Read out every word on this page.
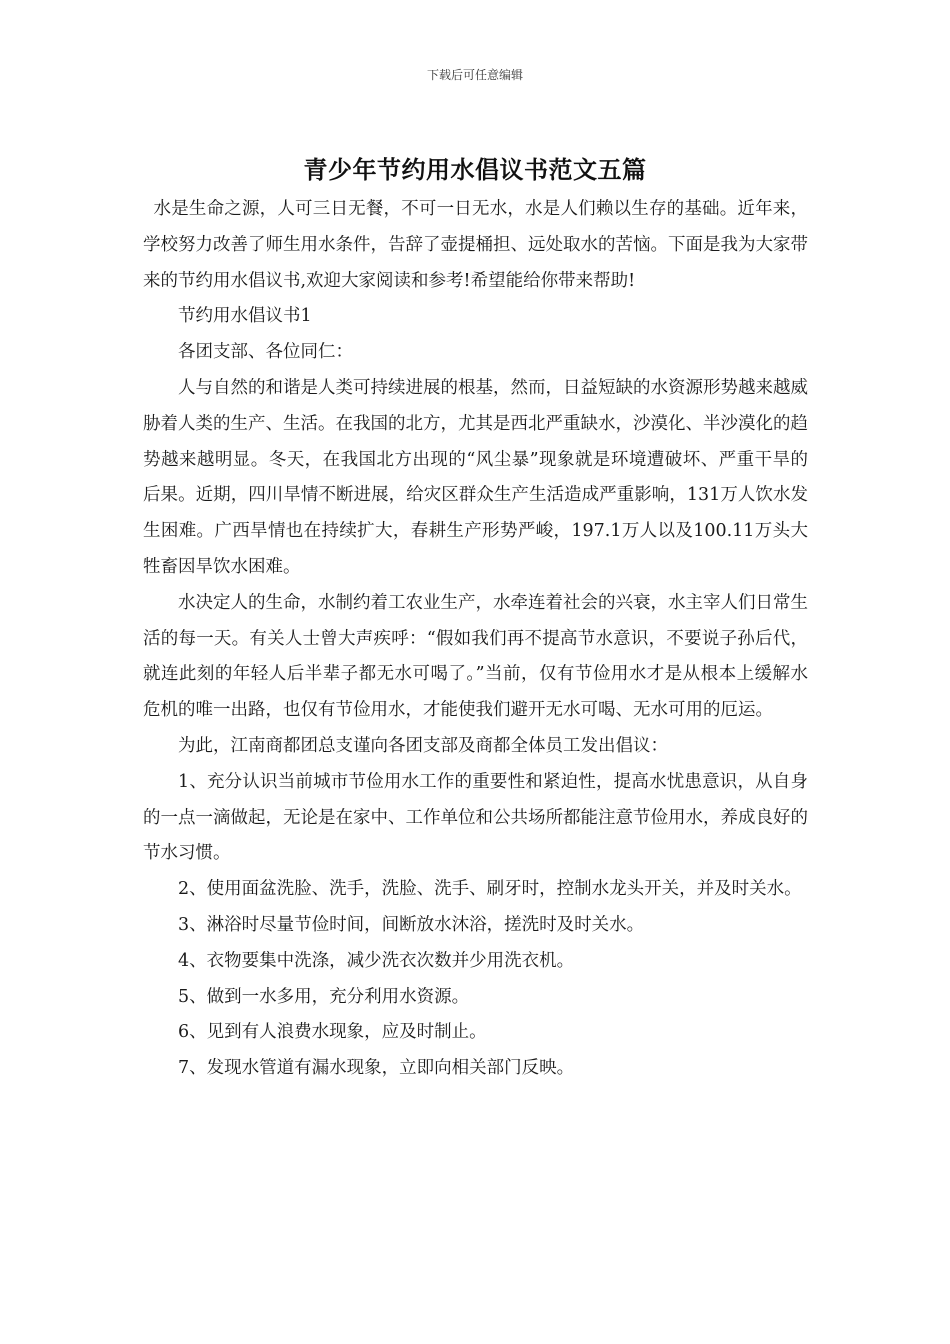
下载后可任意编辑
青少年节约用水倡议书范文五篇

水是生命之源，人可三日无餐，不可一日无水，水是人们赖以生存的基础。近年来，学校努力改善了师生用水条件，告辞了壶提桶担、远处取水的苦恼。下面是我为大家带来的节约用水倡议书,欢迎大家阅读和参考!希望能给你带来帮助!

节约用水倡议书1

各团支部、各位同仁：

人与自然的和谐是人类可持续进展的根基，然而，日益短缺的水资源形势越来越威胁着人类的生产、生活。在我国的北方，尤其是西北严重缺水，沙漠化、半沙漠化的趋势越来越明显。冬天，在我国北方出现的“风尘暴”现象就是环境遭破坏、严重干旱的后果。近期，四川旱情不断进展，给灾区群众生产生活造成严重影响，131万人饮水发生困难。广西旱情也在持续扩大，春耕生产形势严峻，197.1万人以及100.11万头大牲畜因旱饮水困难。

水决定人的生命，水制约着工农业生产，水牵连着社会的兴衰，水主宰人们日常生活的每一天。有关人士曾大声疾呼：“假如我们再不提高节水意识，不要说子孙后代，就连此刻的年轻人后半辈子都无水可喝了。”当前，仅有节俭用水才是从根本上缓解水危机的唯一出路，也仅有节俭用水，才能使我们避开无水可喝、无水可用的厄运。

为此，江南商都团总支谨向各团支部及商都全体员工发出倡议：

1、充分认识当前城市节俭用水工作的重要性和紧迫性，提高水忧患意识，从自身的一点一滴做起，无论是在家中、工作单位和公共场所都能注意节俭用水，养成良好的节水习惯。

2、使用面盆洗脸、洗手，洗脸、洗手、刷牙时，控制水龙头开关，并及时关水。

3、淋浴时尽量节俭时间，间断放水沐浴，搓洗时及时关水。

4、衣物要集中洗涤，减少洗衣次数并少用洗衣机。

5、做到一水多用，充分利用水资源。

6、见到有人浪费水现象，应及时制止。

7、发现水管道有漏水现象，立即向相关部门反映。
